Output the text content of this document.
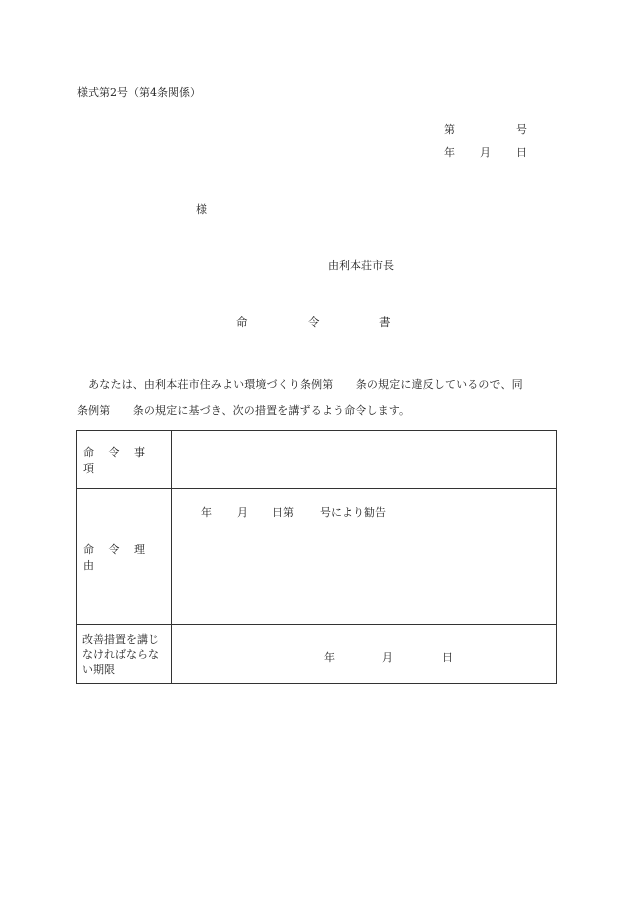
様式第2号（第4条関係）
第	号
年 月 日
様
由利本荘市長
命	令	書

　あなたは、由利本荘市住みよい環境づくり条例第　　条の規定に違反しているので、同

条例第　　条の規定に基づき、次の措置を講ずるよう命令します。

命 令 事 項	

命 令 理 由	年 月 日第 号により勧告

改善措置を講じなければならない期限	年 月 日
